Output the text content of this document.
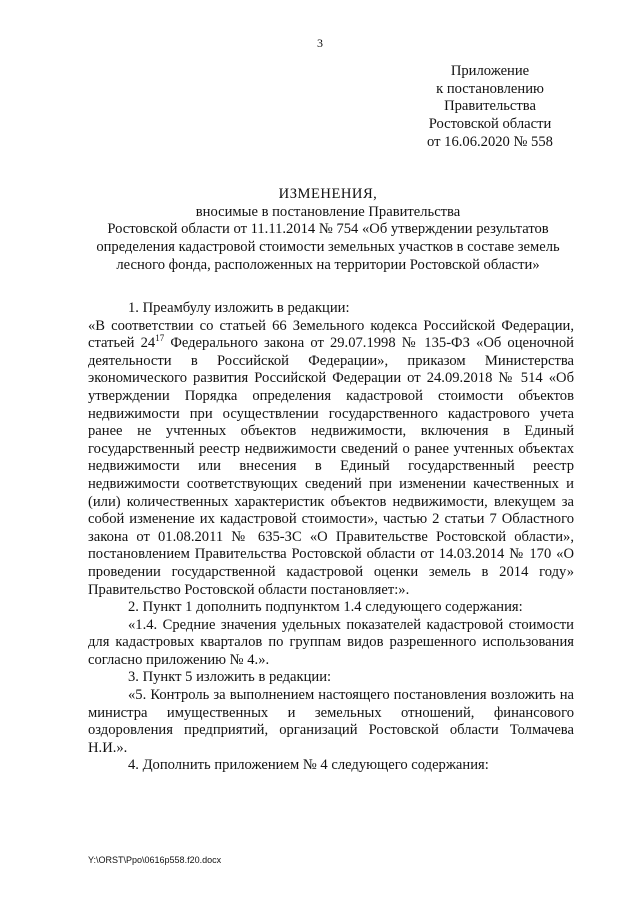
3
Приложение
к постановлению
Правительства
Ростовской области
от 16.06.2020 № 558
ИЗМЕНЕНИЯ,
вносимые в постановление Правительства
Ростовской области от 11.11.2014 № 754 «Об утверждении результатов
определения кадастровой стоимости земельных участков в составе земель
лесного фонда, расположенных на территории Ростовской области»

1. Преамбулу изложить в редакции:

«В соответствии со статьей 66 Земельного кодекса Российской Федерации, статьей $24^{17}$ Федерального закона от 29.07.1998 № 135-ФЗ «Об оценочной деятельности в Российской Федерации», приказом Министерства экономического развития Российской Федерации от 24.09.2018 № 514 «Об утверждении Порядка определения кадастровой стоимости объектов недвижимости при осуществлении государственного кадастрового учета ранее не учтенных объектов недвижимости, включения в Единый государственный реестр недвижимости сведений о ранее учтенных объектах недвижимости или внесения в Единый государственный реестр недвижимости соответствующих сведений при изменении качественных и (или) количественных характеристик объектов недвижимости, влекущем за собой изменение их кадастровой стоимости», частью 2 статьи 7 Областного закона от 01.08.2011 № 635-ЗС «О Правительстве Ростовской области», постановлением Правительства Ростовской области от 14.03.2014 № 170 «О проведении государственной кадастровой оценки земель в 2014 году» Правительство Ростовской области постановляет:».

2. Пункт 1 дополнить подпунктом 1.4 следующего содержания:

«1.4. Средние значения удельных показателей кадастровой стоимости для кадастровых кварталов по группам видов разрешенного использования согласно приложению № 4.».

3. Пункт 5 изложить в редакции:

«5. Контроль за выполнением настоящего постановления возложить на министра имущественных и земельных отношений, финансового оздоровления предприятий, организаций Ростовской области Толмачева Н.И.».

4. Дополнить приложением № 4 следующего содержания:

Y:\ORST\Ppo\0616p558.f20.docx
